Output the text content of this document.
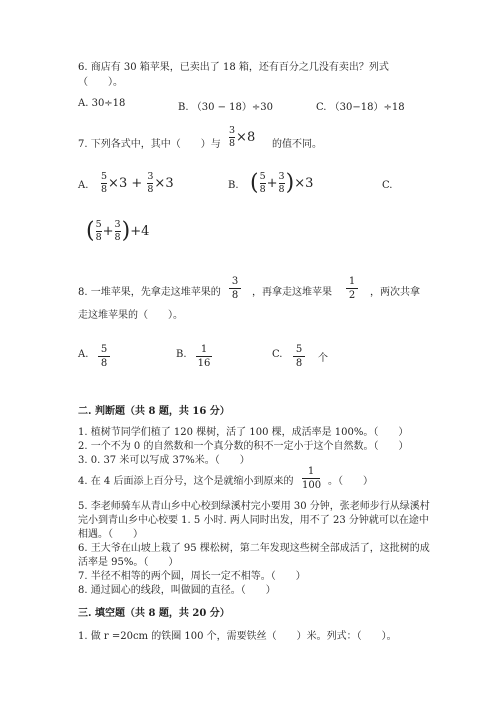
6. 商店有 30 箱苹果，已卖出了 18 箱，还有百分之几没有卖出？列式
（　　）。
A. 30÷18	B. （30 − 18）÷30	C. （30−18）÷18
7. 下列各式中，其中（　　）与 $\frac{3}{8} \times 8$ 的值不同。
A. $\frac{5}{8} \times 3 + \frac{3}{8} \times 3$	B. ( $\frac{5}{8} + \frac{3}{8} )\times 3$	C.
( $\frac{5}{8} + \frac{3}{8} )+4$
8. 一堆苹果，先拿走这堆苹果的
3
8 ，再拿走这堆苹果
1
2 ，两次共拿
走这堆苹果的（　　）。
A. 5
8
B.	1
16
C. 5
8 个
二. 判断题（共 8 题，共 16 分）
1. 植树节同学们植了 120 棵树，活了 100 棵，成活率是 100%。（　　）
2. 一个不为 0 的自然数和一个真分数的积不一定小于这个自然数。（　　）
3. 0. 37 米可以写成 37%米。（　　）
4. 在 4 后面添上百分号，这个是就缩小到原来的
1
100 。（　　）
5. 李老师骑车从青山乡中心校到绿溪村完小要用 30 分钟，张老师步行从绿溪村
完小到青山乡中心校要 1. 5 小时. 两人同时出发，用不了 23 分钟就可以在途中
相遇。（　　）
6. 王大爷在山坡上栽了 95 棵松树，第二年发现这些树全部成活了，这批树的成
活率是 95%。（　　）
7. 半径不相等的两个圆，周长一定不相等。（　　）
8. 通过圆心的线段，叫做圆的直径。（　　）
三. 填空题（共 8 题，共 20 分）
1. 做 r =20cm 的铁圈 100 个，需要铁丝（　　）米。列式：（　　）。
